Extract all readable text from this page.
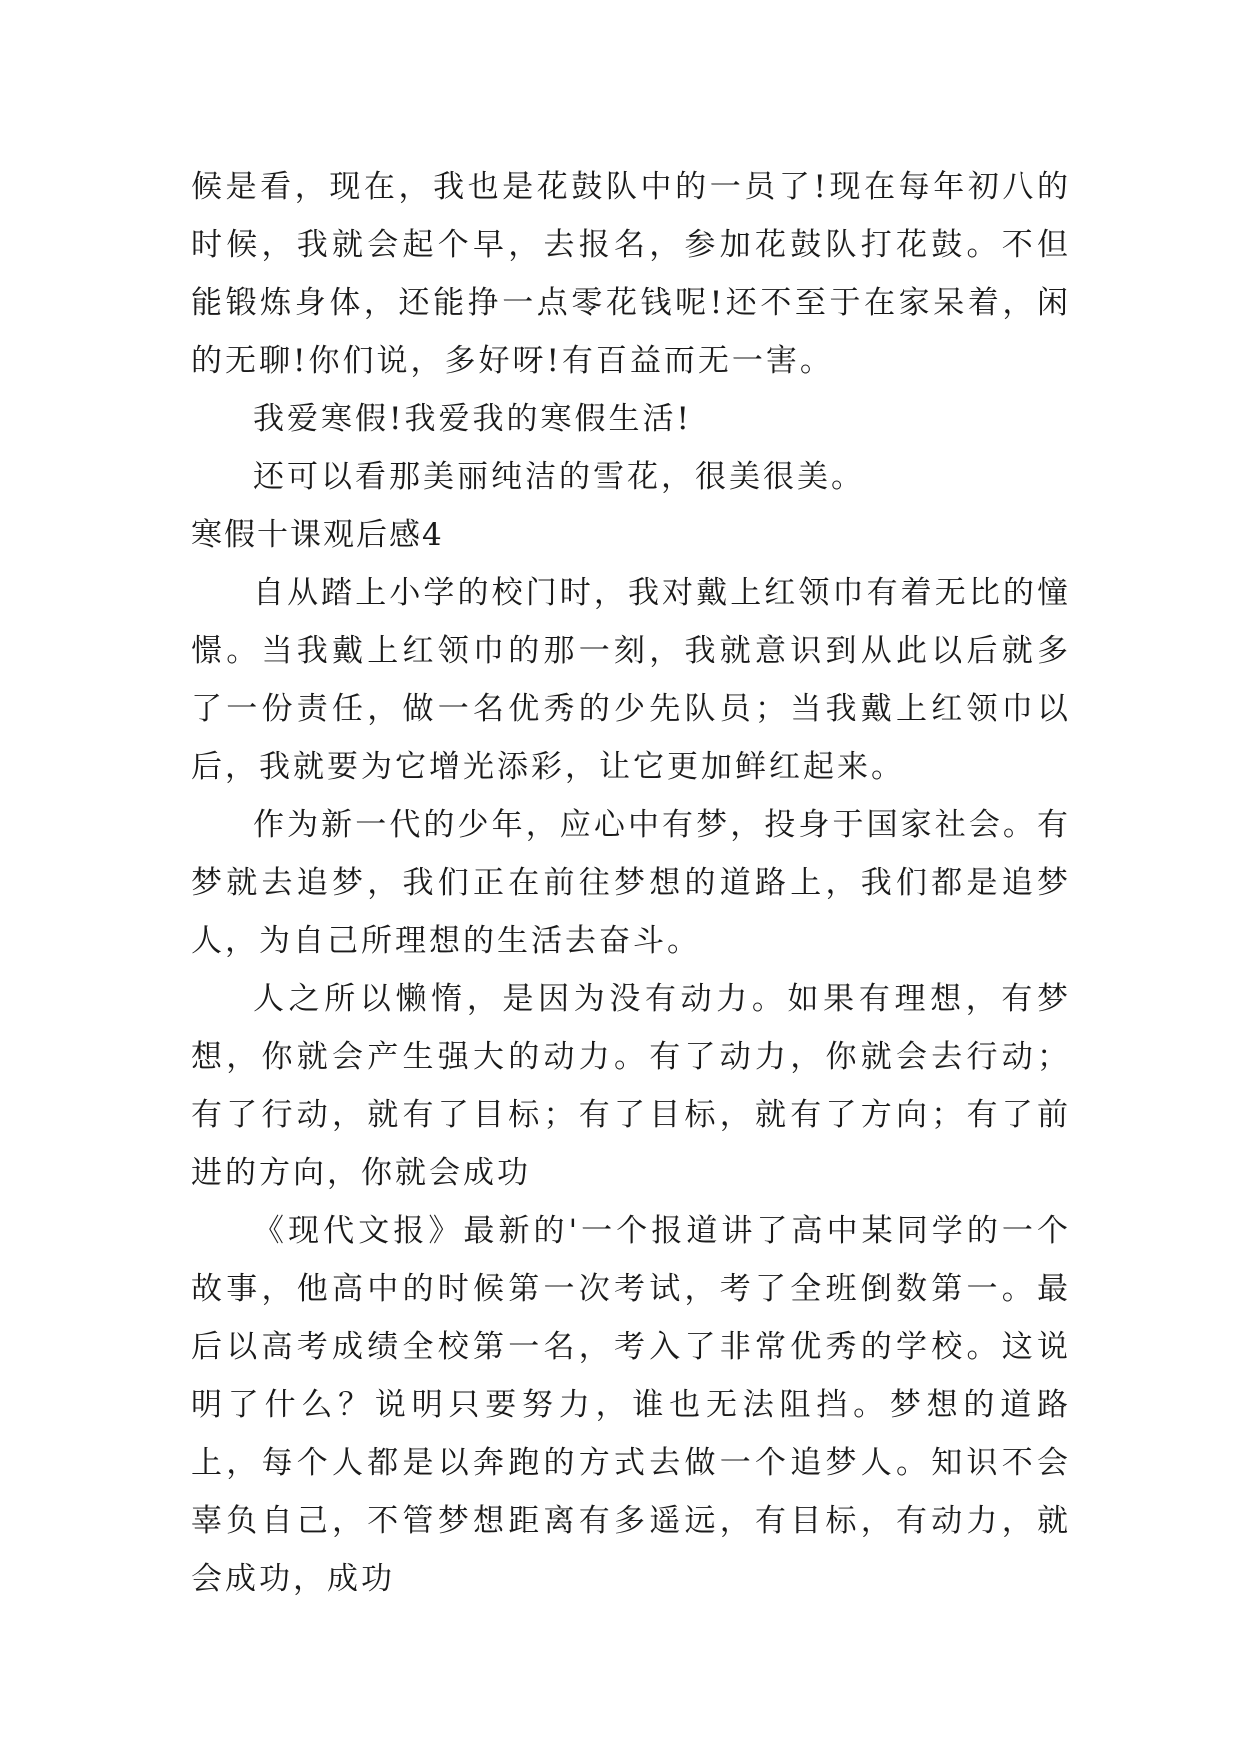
候是看，现在，我也是花鼓队中的一员了!现在每年初八的时候，我就会起个早，去报名，参加花鼓队打花鼓。不但能锻炼身体，还能挣一点零花钱呢!还不至于在家呆着，闲的无聊!你们说，多好呀!有百益而无一害。

我爱寒假!我爱我的寒假生活!

还可以看那美丽纯洁的雪花，很美很美。

寒假十课观后感4

自从踏上小学的校门时，我对戴上红领巾有着无比的憧憬。当我戴上红领巾的那一刻，我就意识到从此以后就多了一份责任，做一名优秀的少先队员；当我戴上红领巾以后，我就要为它增光添彩，让它更加鲜红起来。

作为新一代的少年，应心中有梦，投身于国家社会。有梦就去追梦，我们正在前往梦想的道路上，我们都是追梦人，为自己所理想的生活去奋斗。

人之所以懒惰，是因为没有动力。如果有理想，有梦想，你就会产生强大的动力。有了动力，你就会去行动；有了行动，就有了目标；有了目标，就有了方向；有了前进的方向，你就会成功

《现代文报》最新的'一个报道讲了高中某同学的一个故事，他高中的时候第一次考试，考了全班倒数第一。最后以高考成绩全校第一名，考入了非常优秀的学校。这说明了什么？说明只要努力，谁也无法阻挡。梦想的道路上，每个人都是以奔跑的方式去做一个追梦人。知识不会辜负自己，不管梦想距离有多遥远，有目标，有动力，就会成功，成功
